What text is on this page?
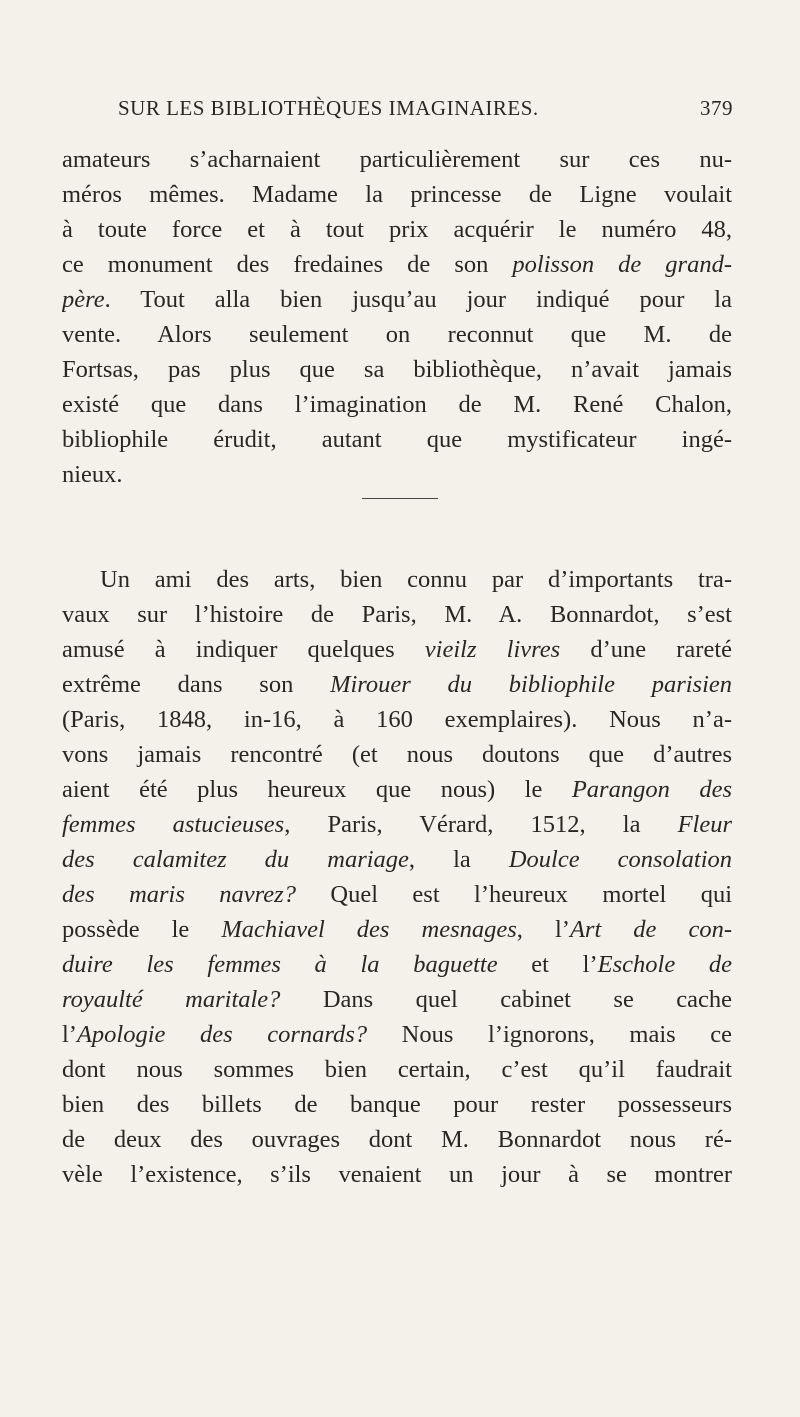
SUR LES BIBLIOTHÈQUES IMAGINAIRES.	379
amateurs s’acharnaient particulièrement sur ces nu-
méros mêmes. Madame la princesse de Ligne voulait
à toute force et à tout prix acquérir le numéro 48,
ce monument des fredaines de son polisson de grand-
père. Tout alla bien jusqu’au jour indiqué pour la
vente. Alors seulement on reconnut que M. de
Fortsas, pas plus que sa bibliothèque, n’avait jamais
existé que dans l’imagination de M. René Chalon,
bibliophile érudit, autant que mystificateur ingé-
nieux.
Un ami des arts, bien connu par d’importants tra-
vaux sur l’histoire de Paris, M. A. Bonnardot, s’est
amusé à indiquer quelques vieilz livres d’une rareté
extrême dans son Mirouer du bibliophile parisien
(Paris, 1848, in-16, à 160 exemplaires). Nous n’a-
vons jamais rencontré (et nous doutons que d’autres
aient été plus heureux que nous) le Parangon des
femmes astucieuses, Paris, Vérard, 1512, la Fleur
des calamitez du mariage, la Doulce consolation
des maris navrez? Quel est l’heureux mortel qui
possède le Machiavel des mesnages, l’Art de con-
duire les femmes à la baguette et l’Eschole de
royaulté maritale? Dans quel cabinet se cache
l’Apologie des cornards? Nous l’ignorons, mais ce
dont nous sommes bien certain, c’est qu’il faudrait
bien des billets de banque pour rester possesseurs
de deux des ouvrages dont M. Bonnardot nous ré-
vèle l’existence, s’ils venaient un jour à se montrer
